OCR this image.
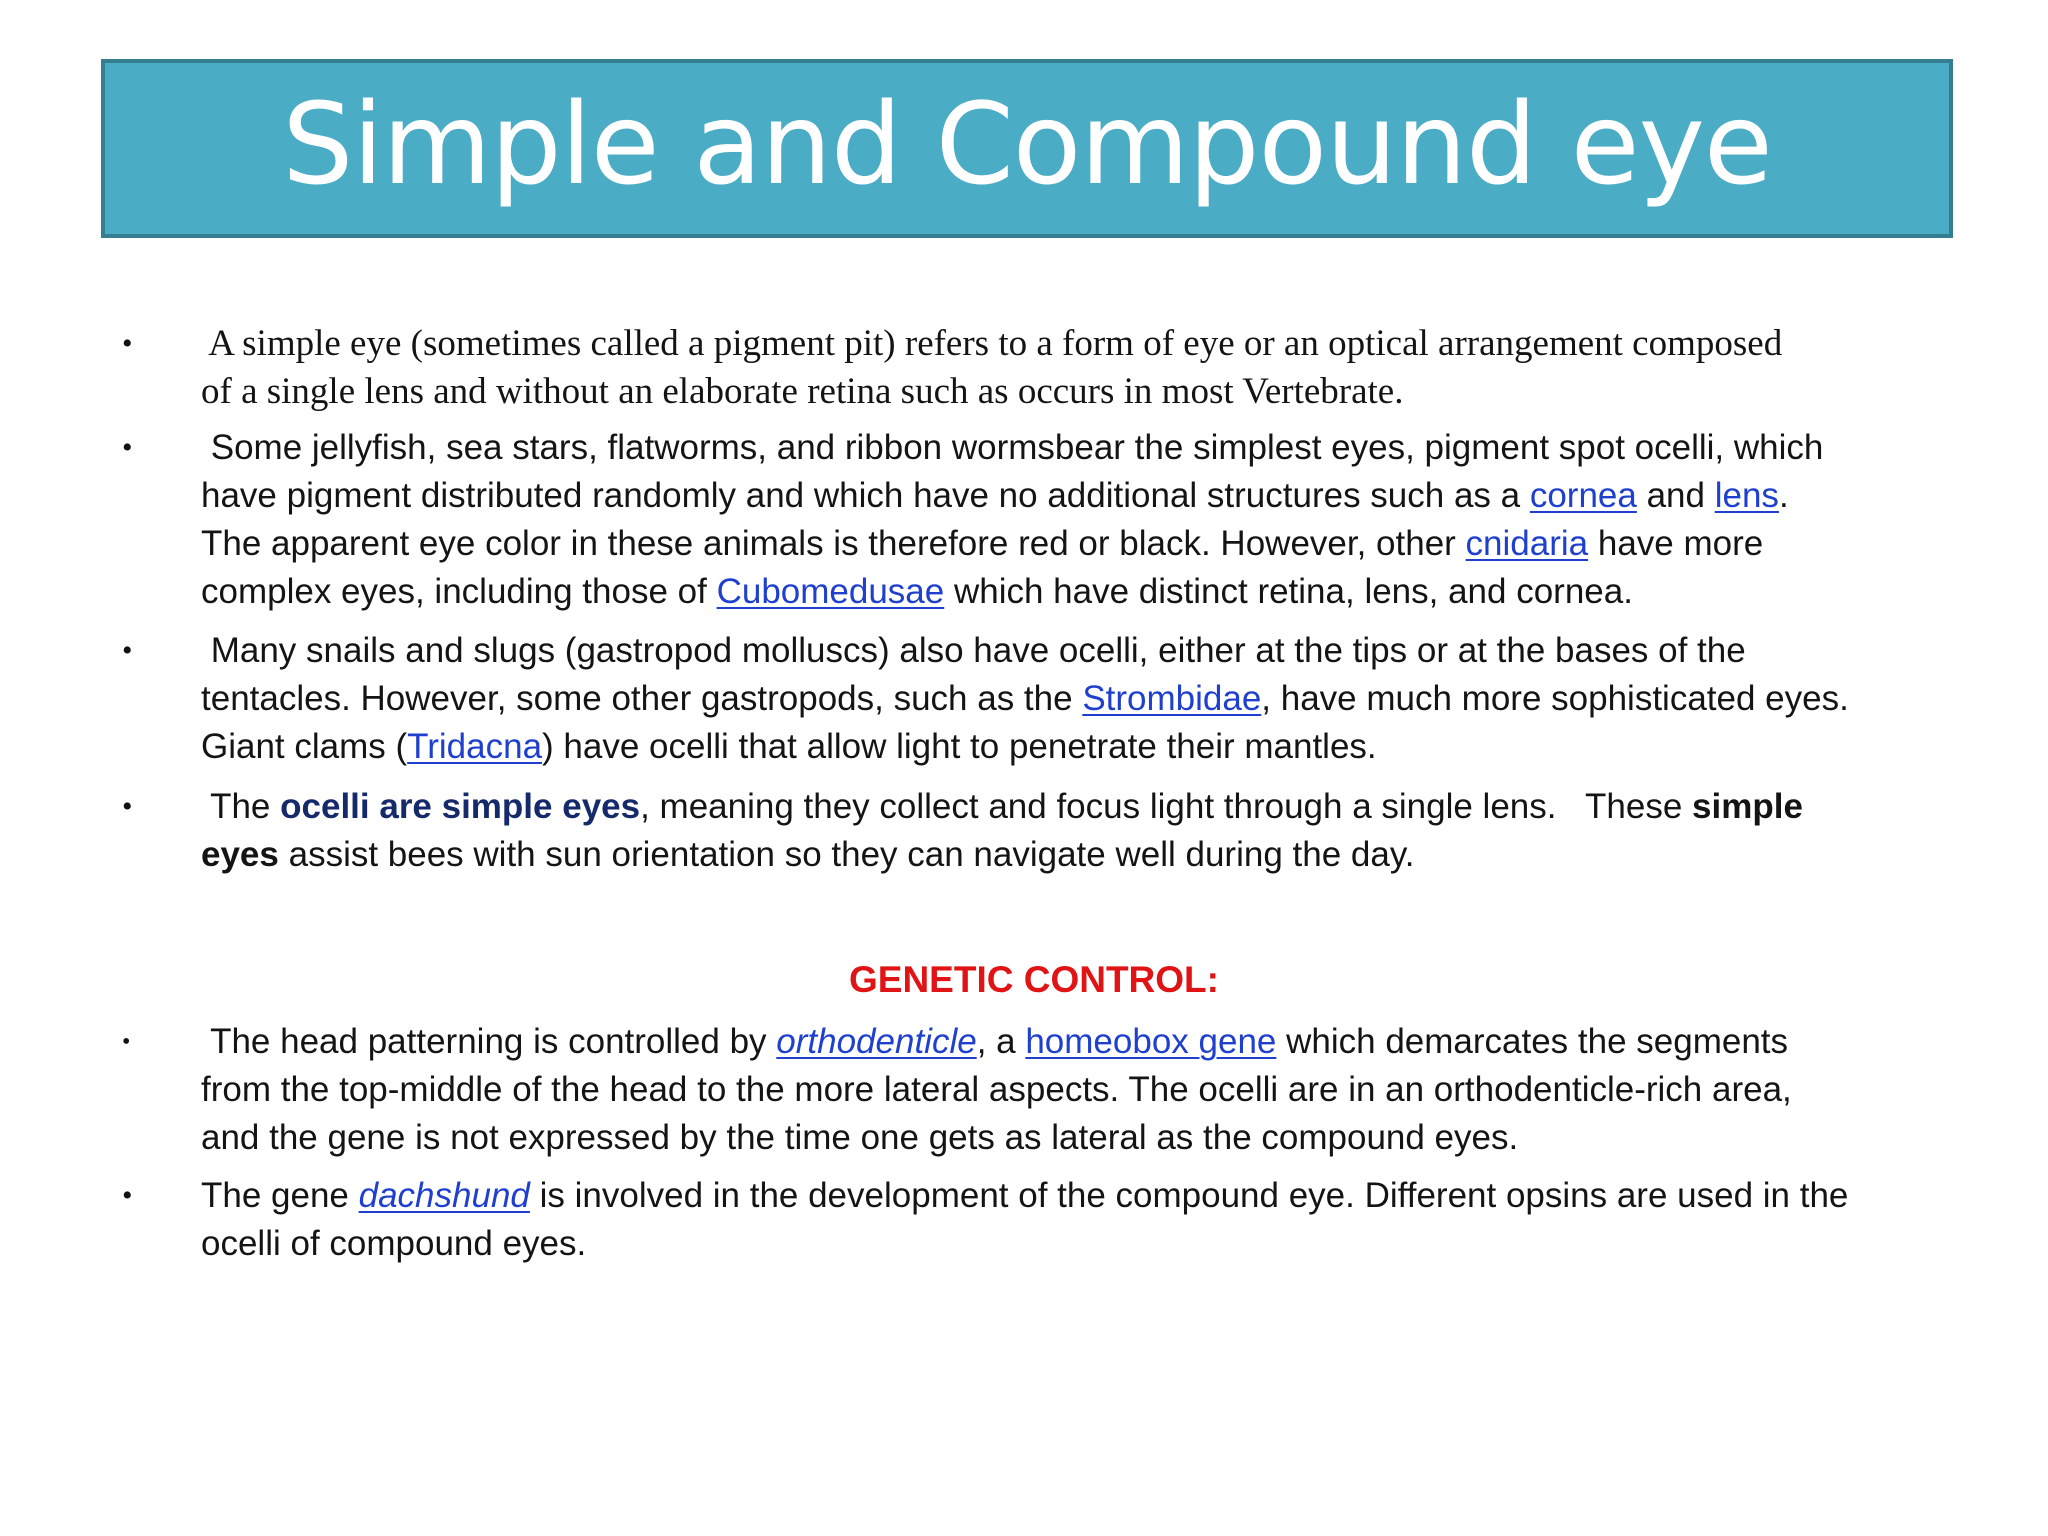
Simple and Compound eye
• A simple eye (sometimes called a pigment pit) refers to a form of eye or an optical arrangement composed
of a single lens and without an elaborate retina such as occurs in most Vertebrate.
• Some jellyfish, sea stars, flatworms, and ribbon wormsbear the simplest eyes, pigment spot ocelli, which
have pigment distributed randomly and which have no additional structures such as a cornea and lens.
The apparent eye color in these animals is therefore red or black. However, other cnidaria have more
complex eyes, including those of Cubomedusae which have distinct retina, lens, and cornea.
• Many snails and slugs (gastropod molluscs) also have ocelli, either at the tips or at the bases of the
tentacles. However, some other gastropods, such as the Strombidae, have much more sophisticated eyes.
Giant clams (Tridacna) have ocelli that allow light to penetrate their mantles.
• The ocelli are simple eyes, meaning they collect and focus light through a single lens.   These simple
eyes assist bees with sun orientation so they can navigate well during the day.
GENETIC CONTROL:
• The head patterning is controlled by orthodenticle, a homeobox gene which demarcates the segments
from the top-middle of the head to the more lateral aspects. The ocelli are in an orthodenticle-rich area,
and the gene is not expressed by the time one gets as lateral as the compound eyes.
• The gene dachshund is involved in the development of the compound eye. Different opsins are used in the
ocelli of compound eyes.
